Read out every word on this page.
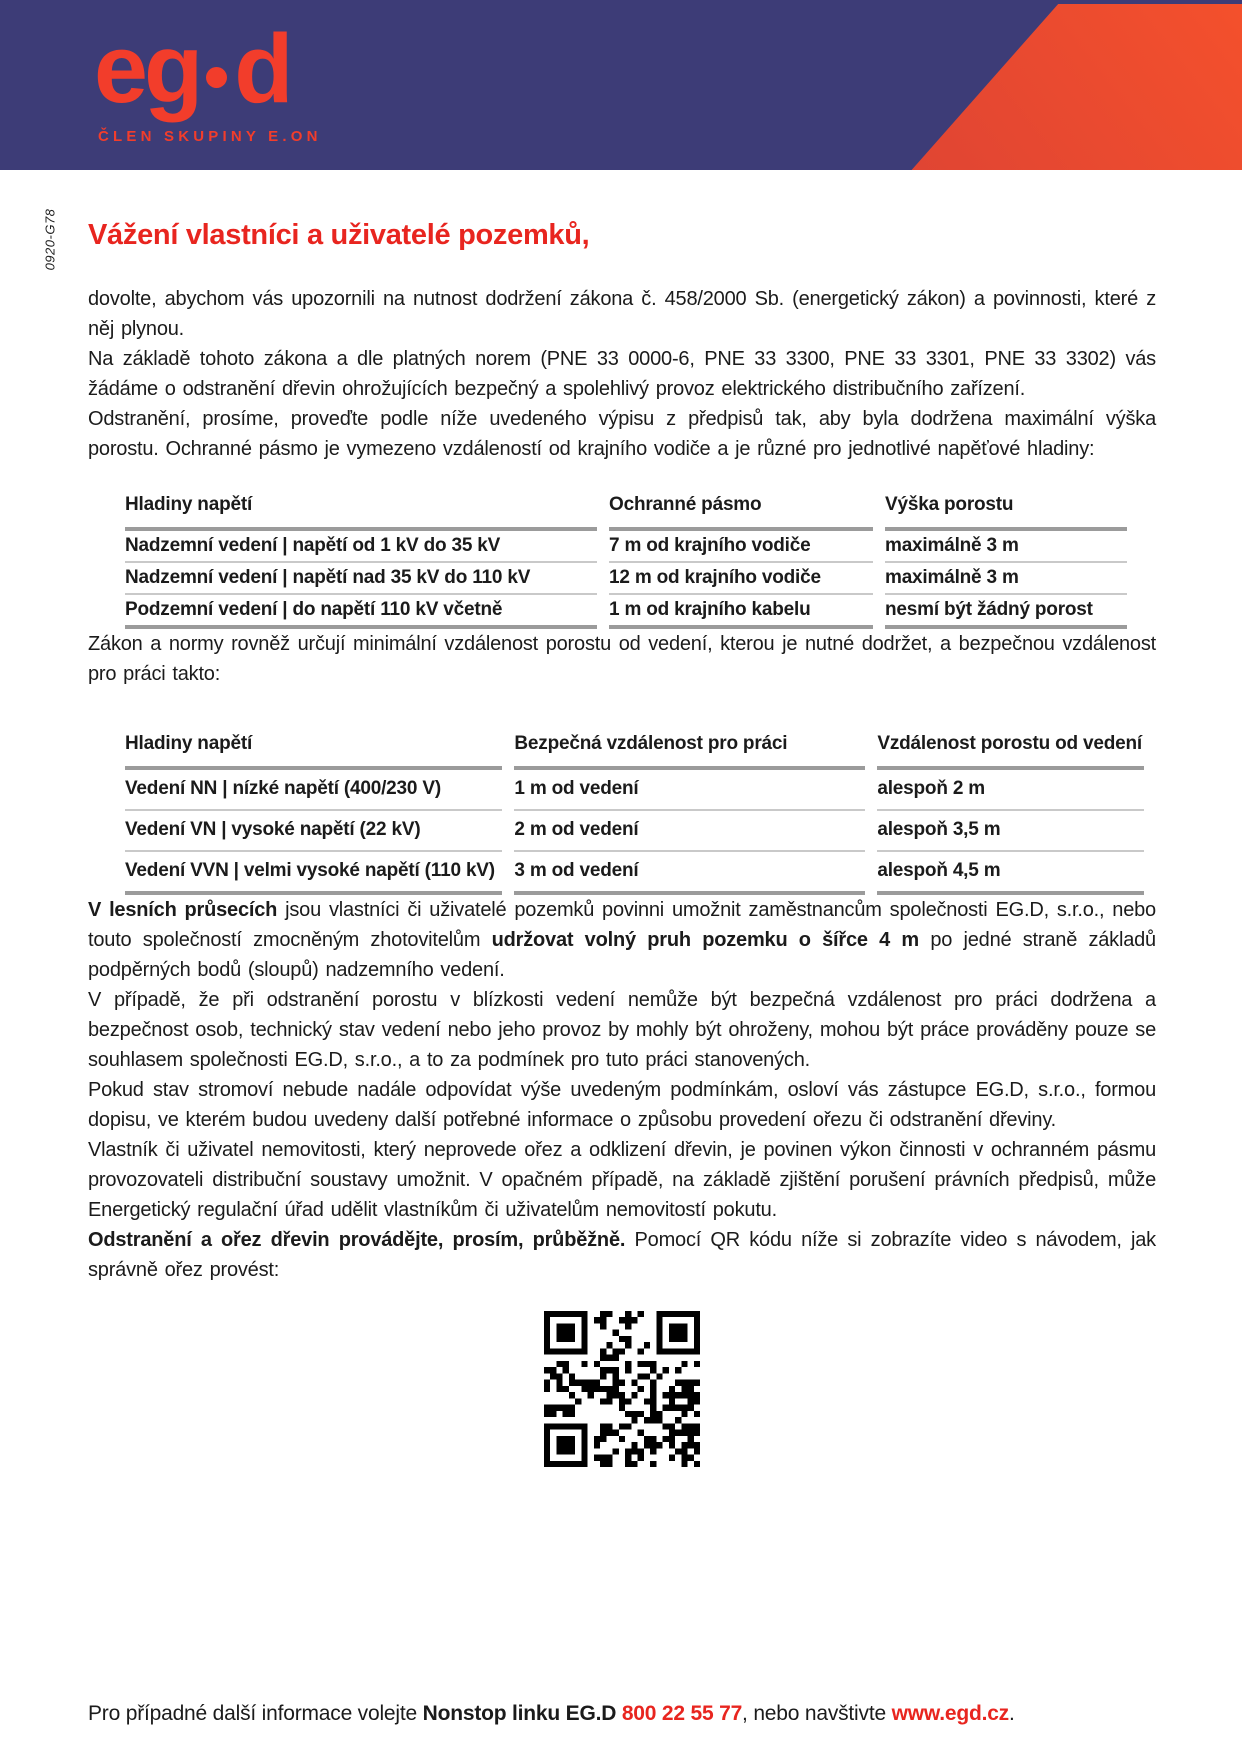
eg d
ČLEN SKUPINY E.ON
0920-G78 Vážení vlastníci a uživatelé pozemků,

dovolte, abychom vás upozornili na nutnost dodržení zákona č. 458/2000 Sb. (energetický zákon) a povinnosti, které z něj plynou.

Na základě tohoto zákona a dle platných norem (PNE 33 0000-6, PNE 33 3300, PNE 33 3301, PNE 33 3302) vás žádáme o odstranění dřevin ohrožujících bezpečný a spolehlivý provoz elektrického distribučního zařízení.

Odstranění, prosíme, proveďte podle níže uvedeného výpisu z předpisů tak, aby byla dodržena maximální výška porostu. Ochranné pásmo je vymezeno vzdáleností od krajního vodiče a je různé pro jednotlivé napěťové hladiny:

Hladiny napětí	Ochranné pásmo	Výška porostu
Nadzemní vedení | napětí od 1 kV do 35 kV	7 m od krajního vodiče	maximálně 3 m
Nadzemní vedení | napětí nad 35 kV do 110 kV	12 m od krajního vodiče	maximálně 3 m
Podzemní vedení | do napětí 110 kV včetně	1 m od krajního kabelu	nesmí být žádný porost

Zákon a normy rovněž určují minimální vzdálenost porostu od vedení, kterou je nutné dodržet, a bezpečnou vzdálenost pro práci takto:

Hladiny napětí	Bezpečná vzdálenost pro práci	Vzdálenost porostu od vedení
Vedení NN | nízké napětí (400/230 V)	1 m od vedení	alespoň 2 m
Vedení VN | vysoké napětí (22 kV)	2 m od vedení	alespoň 3,5 m
Vedení VVN | velmi vysoké napětí (110 kV)	3 m od vedení	alespoň 4,5 m

V lesních průsecích jsou vlastníci či uživatelé pozemků povinni umožnit zaměstnancům společnosti EG.D, s.r.o., nebo touto společností zmocněným zhotovitelům udržovat volný pruh pozemku o šířce 4 m po jedné straně základů podpěrných bodů (sloupů) nadzemního vedení.

V případě, že při odstranění porostu v blízkosti vedení nemůže být bezpečná vzdálenost pro práci dodržena a bezpečnost osob, technický stav vedení nebo jeho provoz by mohly být ohroženy, mohou být práce prováděny pouze se souhlasem společnosti EG.D, s.r.o., a to za podmínek pro tuto práci stanovených.

Pokud stav stromoví nebude nadále odpovídat výše uvedeným podmínkám, osloví vás zástupce EG.D, s.r.o., formou dopisu, ve kterém budou uvedeny další potřebné informace o způsobu provedení ořezu či odstranění dřeviny.

Vlastník či uživatel nemovitosti, který neprovede ořez a odklizení dřevin, je povinen výkon činnosti v ochranném pásmu provozovateli distribuční soustavy umožnit. V opačném případě, na základě zjištění porušení právních předpisů, může Energetický regulační úřad udělit vlastníkům či uživatelům nemovitostí pokutu.

Odstranění a ořez dřevin provádějte, prosím, průběžně. Pomocí QR kódu níže si zobrazíte video s návodem, jak správně ořez provést:

Pro případné další informace volejte Nonstop linku EG.D 800 22 55 77, nebo navštivte www.egd.cz.
